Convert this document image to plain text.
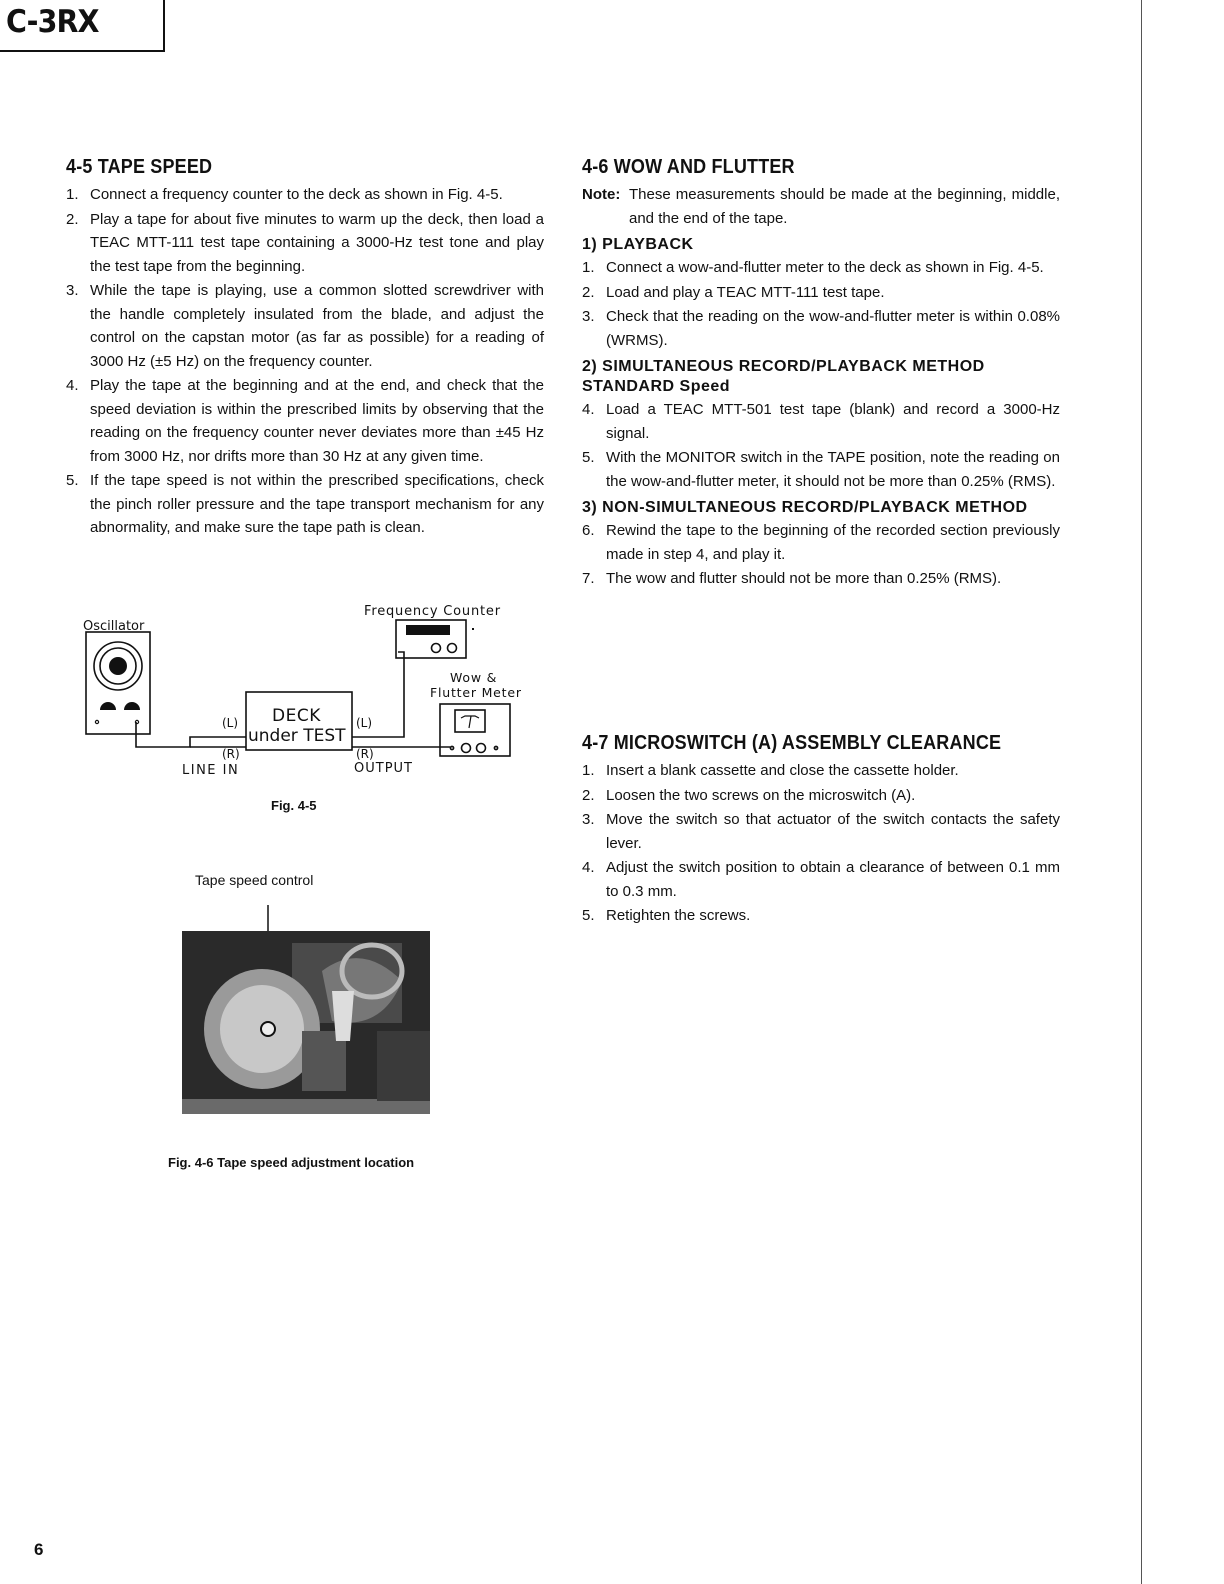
C-3RX
4-5 TAPE SPEED
1. Connect a frequency counter to the deck as shown in Fig. 4-5.
2. Play a tape for about five minutes to warm up the deck, then load a TEAC MTT-111 test tape containing a 3000-Hz test tone and play the test tape from the beginning.
3. While the tape is playing, use a common slotted screwdriver with the handle completely insulated from the blade, and adjust the control on the capstan motor (as far as possible) for a reading of 3000 Hz (±5 Hz) on the frequency counter.
4. Play the tape at the beginning and at the end, and check that the speed deviation is within the prescribed limits by observing that the reading on the frequency counter never deviates more than ±45 Hz from 3000 Hz, nor drifts more than 30 Hz at any given time.
5. If the tape speed is not within the prescribed specifications, check the pinch roller pressure and the tape transport mechanism for any abnormality, and make sure the tape path is clean.
Oscillator
Frequency Counter
Wow &
Flutter Meter
DECK
under TEST
(L)
(R)
(L)
(R)
LINE IN	OUTPUT
Fig. 4-5
Tape speed control
Fig. 4-6 Tape speed adjustment location
4-6 WOW AND FLUTTER
Note: These measurements should be made at the beginning, middle, and the end of the tape.
1) PLAYBACK
1. Connect a wow-and-flutter meter to the deck as shown in Fig. 4-5.
2. Load and play a TEAC MTT-111 test tape.
3. Check that the reading on the wow-and-flutter meter is within 0.08% (WRMS).
2) SIMULTANEOUS RECORD/PLAYBACK METHOD
STANDARD Speed
4. Load a TEAC MTT-501 test tape (blank) and record a 3000-Hz signal.
5. With the MONITOR switch in the TAPE position, note the reading on the wow-and-flutter meter, it should not be more than 0.25% (RMS).
3) NON-SIMULTANEOUS RECORD/PLAYBACK METHOD
6. Rewind the tape to the beginning of the recorded section previously made in step 4, and play it.
7. The wow and flutter should not be more than 0.25% (RMS).
4-7 MICROSWITCH (A) ASSEMBLY CLEARANCE
1. Insert a blank cassette and close the cassette holder.
2. Loosen the two screws on the microswitch (A).
3. Move the switch so that actuator of the switch contacts the safety lever.
4. Adjust the switch position to obtain a clearance of between 0.1 mm to 0.3 mm.
5. Retighten the screws.
6
